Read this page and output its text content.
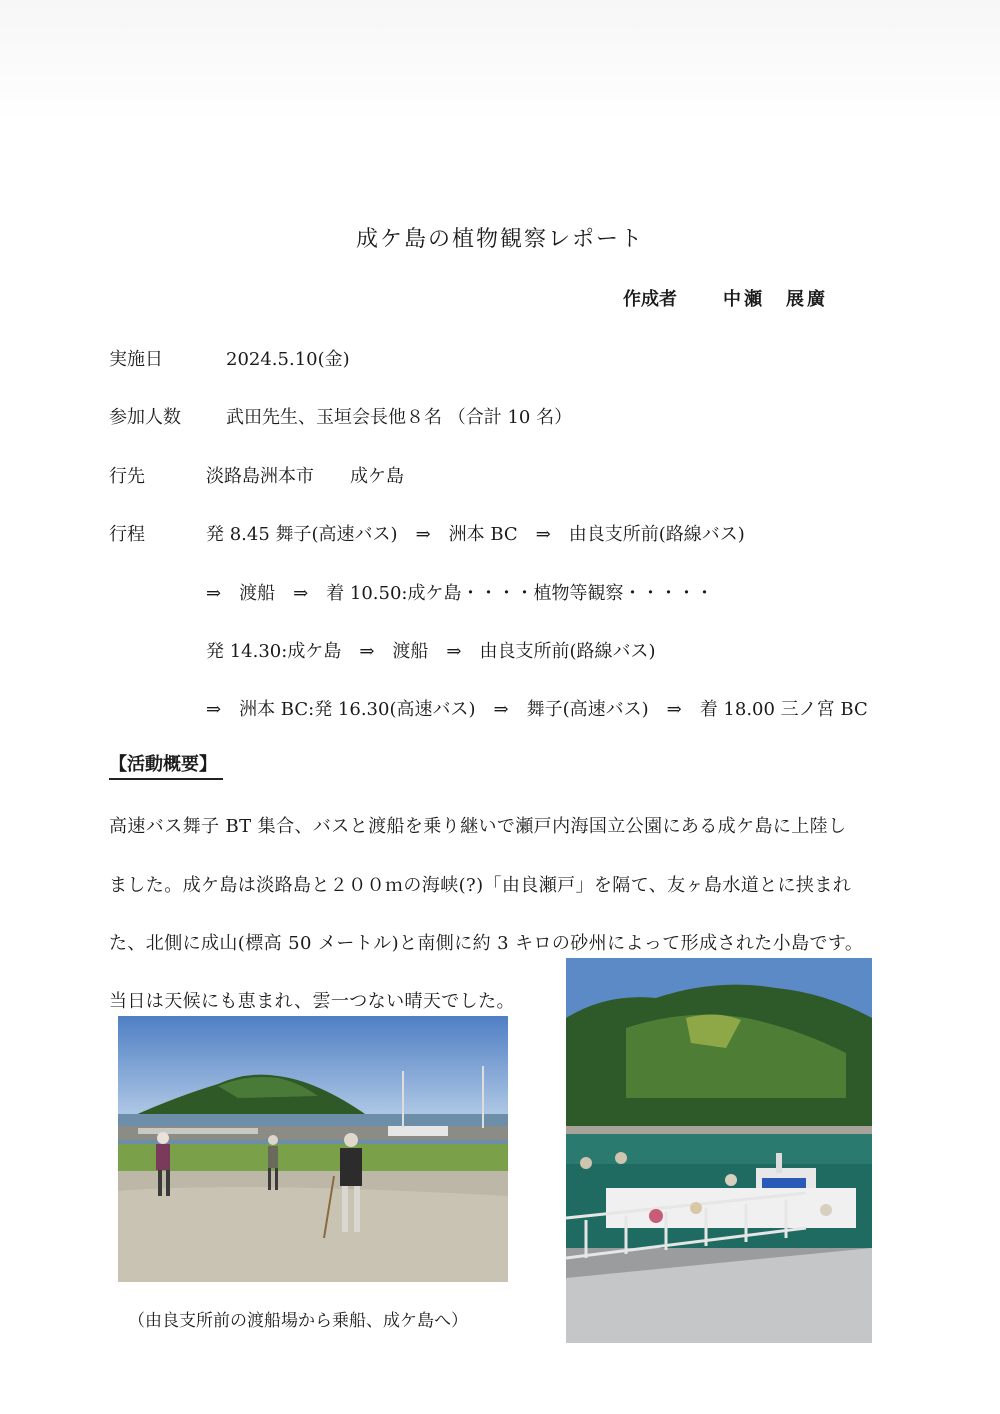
成ケ島の植物観察レポート
作成者	中瀬　展廣
実施日	2024.5.10(金)
参加人数	武田先生、玉垣会長他８名 （合計 10 名）
行先	淡路島洲本市　　成ケ島
行程	発 8.45 舞子(高速バス)　⇒　洲本 BC　⇒　由良支所前(路線バス)
⇒　渡船　⇒　着 10.50:成ケ島・・・・植物等観察・・・・・
発 14.30:成ケ島　⇒　渡船　⇒　由良支所前(路線バス)
⇒　洲本 BC:発 16.30(高速バス)　⇒　舞子(高速バス)　⇒　着 18.00 三ノ宮 BC
【活動概要】
高速バス舞子 BT 集合、バスと渡船を乗り継いで瀬戸内海国立公園にある成ケ島に上陸し
ました。成ケ島は淡路島と２００ｍの海峡(?)「由良瀬戸」を隔て、友ヶ島水道とに挟まれ
た、北側に成山(標高 50 メートル)と南側に約 3 キロの砂州によって形成された小島です。
当日は天候にも恵まれ、雲一つない晴天でした。
（由良支所前の渡船場から乗船、成ケ島へ）
